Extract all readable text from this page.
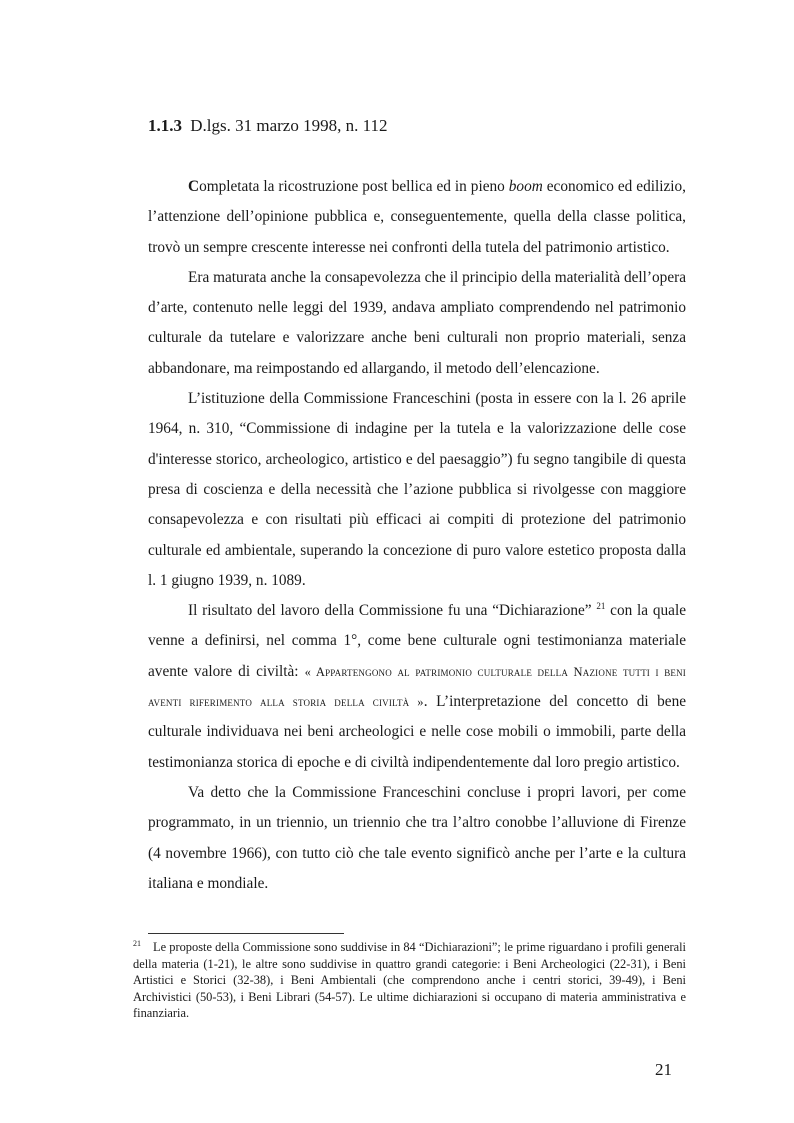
1.1.3 D.lgs. 31 marzo 1998, n. 112

Completata la ricostruzione post bellica ed in pieno boom economico ed edilizio, l’attenzione dell’opinione pubblica e, conseguentemente, quella della classe politica, trovò un sempre crescente interesse nei confronti della tutela del patrimonio artistico.

Era maturata anche la consapevolezza che il principio della materialità dell’opera d’arte, contenuto nelle leggi del 1939, andava ampliato comprendendo nel patrimonio culturale da tutelare e valorizzare anche beni culturali non proprio materiali, senza abbandonare, ma reimpostando ed allargando, il metodo dell’elencazione.

L’istituzione della Commissione Franceschini (posta in essere con la l. 26 aprile 1964, n. 310, “Commissione di indagine per la tutela e la valorizzazione delle cose d'interesse storico, archeologico, artistico e del paesaggio”) fu segno tangibile di questa presa di coscienza e della necessità che l’azione pubblica si rivolgesse con maggiore consapevolezza e con risultati più efficaci ai compiti di protezione del patrimonio culturale ed ambientale, superando la concezione di puro valore estetico proposta dalla l. 1 giugno 1939, n. 1089.

Il risultato del lavoro della Commissione fu una “Dichiarazione” $^{21}$ con la quale venne a definirsi, nel comma 1°, come bene culturale ogni testimonianza materiale avente valore di civiltà: « Appartengono al patrimonio culturale della Nazione tutti i beni aventi riferimento alla storia della civiltà ». L’interpretazione del concetto di bene culturale individuava nei beni archeologici e nelle cose mobili o immobili, parte della testimonianza storica di epoche e di civiltà indipendentemente dal loro pregio artistico.

Va detto che la Commissione Franceschini concluse i propri lavori, per come programmato, in un triennio, un triennio che tra l’altro conobbe l’alluvione di Firenze (4 novembre 1966), con tutto ciò che tale evento significò anche per l’arte e la cultura italiana e mondiale.

$^{21}$ Le proposte della Commissione sono suddivise in 84 “Dichiarazioni”; le prime riguardano i profili generali della materia (1-21), le altre sono suddivise in quattro grandi categorie: i Beni Archeologici (22-31), i Beni Artistici e Storici (32-38), i Beni Ambientali (che comprendono anche i centri storici, 39-49), i Beni Archivistici (50-53), i Beni Librari (54-57). Le ultime dichiarazioni si occupano di materia amministrativa e finanziaria.
21
